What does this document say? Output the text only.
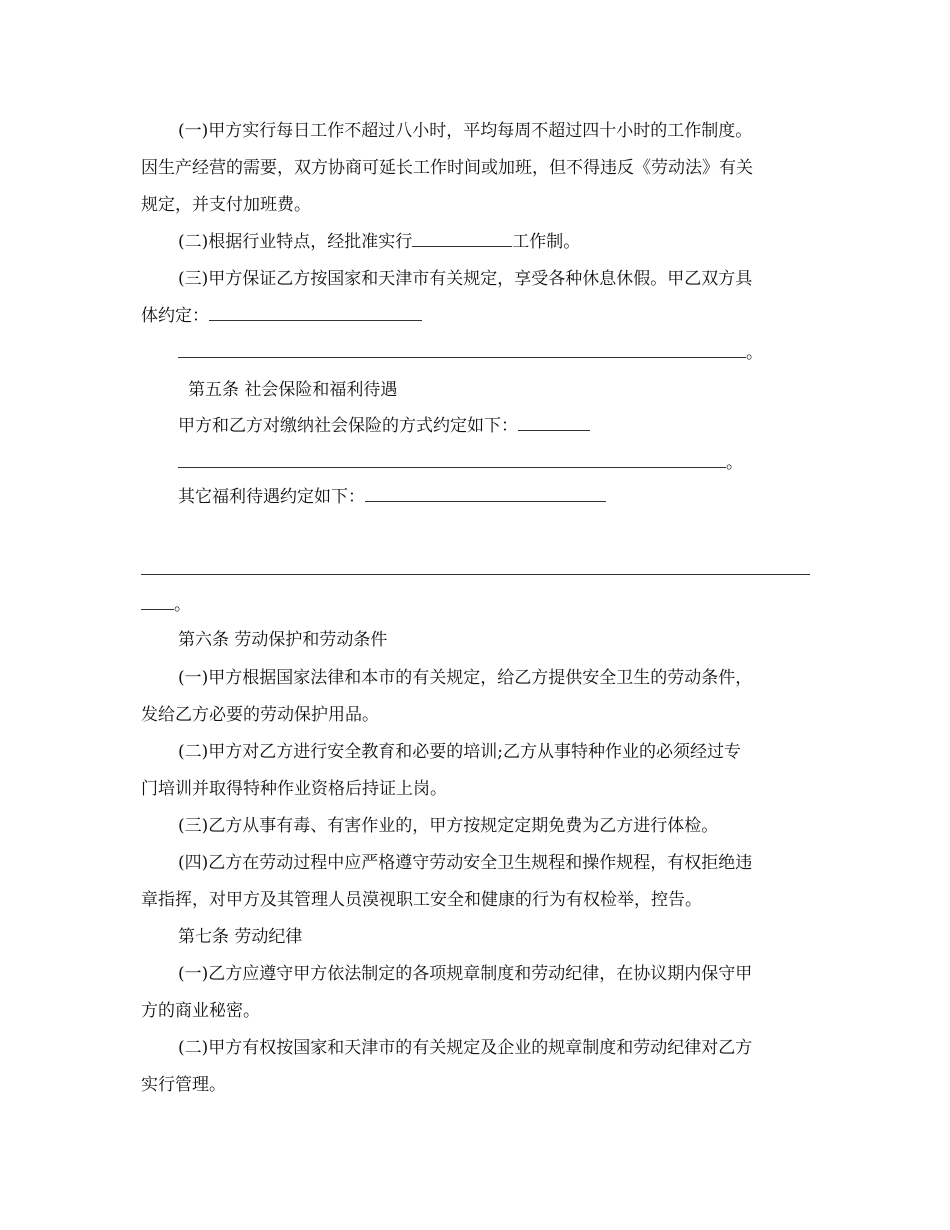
(一)甲方实行每日工作不超过八小时，平均每周不超过四十小时的工作制度。
因生产经营的需要，双方协商可延长工作时间或加班，但不得违反《劳动法》有关
规定，并支付加班费。
(二)根据行业特点，经批准实行	工作制。
(三)甲方保证乙方按国家和天津市有关规定，享受各种休息休假。甲乙双方具
体约定：
。
第五条 社会保险和福利待遇
甲方和乙方对缴纳社会保险的方式约定如下：
。
其它福利待遇约定如下：
。
第六条 劳动保护和劳动条件
(一)甲方根据国家法律和本市的有关规定，给乙方提供安全卫生的劳动条件，
发给乙方必要的劳动保护用品。
(二)甲方对乙方进行安全教育和必要的培训;乙方从事特种作业的必须经过专
门培训并取得特种作业资格后持证上岗。
(三)乙方从事有毒、有害作业的，甲方按规定定期免费为乙方进行体检。
(四)乙方在劳动过程中应严格遵守劳动安全卫生规程和操作规程，有权拒绝违
章指挥，对甲方及其管理人员漠视职工安全和健康的行为有权检举，控告。
第七条 劳动纪律
(一)乙方应遵守甲方依法制定的各项规章制度和劳动纪律，在协议期内保守甲
方的商业秘密。
(二)甲方有权按国家和天津市的有关规定及企业的规章制度和劳动纪律对乙方
实行管理。
